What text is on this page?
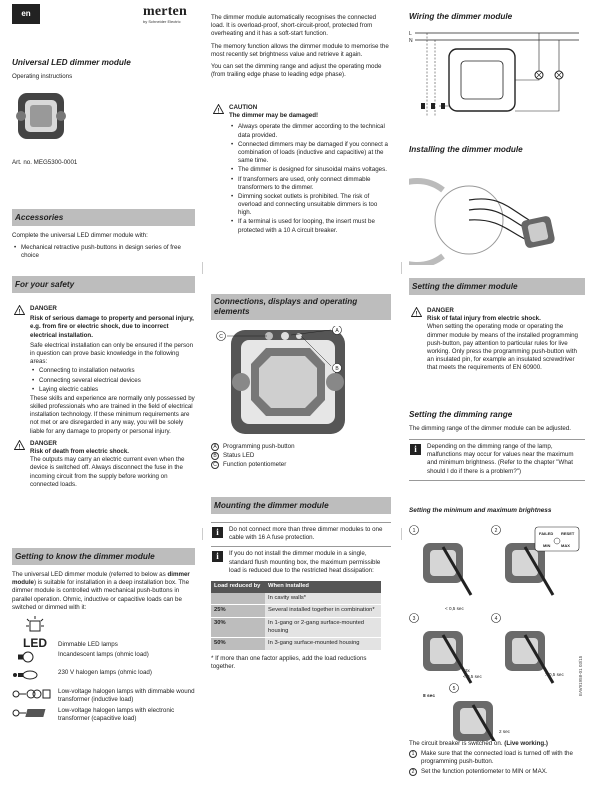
en	merten
by Schneider Electric
Universal LED dimmer module
Operating instructions
Art. no. MEG5300-0001
Accessories

Complete the universal LED dimmer module with:

• Mechanical retractive push-buttons in design series of free choice
For your safety
!
DANGER
Risk of serious damage to property and personal injury, e.g. from fire or electric shock, due to incorrect electrical installation.

Safe electrical installation can only be ensured if the person in question can prove basic knowledge in the following areas:

• Connecting to installation networks
• Connecting several electrical devices
• Laying electric cables

These skills and experience are normally only possessed by skilled professionals who are trained in the field of electrical installation technology. If these minimum requirements are not met or are disregarded in any way, you will be solely liable for any damage to property or personal injury.

!
DANGER
Risk of death from electric shock.

The outputs may carry an electric current even when the device is switched off. Always disconnect the fuse in the incoming circuit from the supply before working on connected loads.

Getting to know the dimmer module

The universal LED dimmer module (referred to below as dimmer module) is suitable for installation in a deep installation box. The dimmer module is controlled with mechanical push-buttons in parallel operation. Ohmic, inductive or capacitive loads can be switched or dimmed with it:

LED	Dimmable LED lamps
Incandescent lamps (ohmic load)
230 V halogen lamps (ohmic load)
Low-voltage halogen lamps with dimmable wound transformer (inductive load)
Low-voltage halogen lamps with electronic transformer (capacitive load)

The dimmer module automatically recognises the connected load. It is overload-proof, short-circuit-proof, protected from overheating and it has a soft-start function.

The memory function allows the dimmer module to memorise the most recently set brightness value and retrieve it again.

You can set the dimming range and adjust the operating mode (from trailing edge phase to leading edge phase).

!
CAUTION
The dimmer may be damaged!
• Always operate the dimmer according to the technical data provided.
• Connected dimmers may be damaged if you connect a combination of loads (inductive and capacitive) at the same time.
• The dimmer is designed for sinusoidal mains voltages.
• If transformers are used, only connect dimmable transformers to the dimmer.
• Dimming socket outlets is prohibited. The risk of overload and connecting unsuitable dimmers is too high.
• If a terminal is used for looping, the insert must be protected with a 10 A circuit breaker.
Connections, displays and operating elements
A
B
C
A	Programming push-button
B	Status LED
C Function potentiometer
Mounting the dimmer module
i	Do not connect more than three dimmer modules to one cable with 16 A fuse protection.

i	If you do not install the dimmer module in a single, standard flush mounting box, the maximum permissible load is reduced due to the restricted heat dissipation:

Load reduced by	When installed
	In cavity walls*
25%	Several installed together in combination*
30%	In 1-gang or 2-gang surface-mounted housing
50%	In 3-gang surface-mounted housing

* If more than one factor applies, add the load reductions together.

Wiring the dimmer module
L
N
Installing the dimmer module
Setting the dimmer module
!
DANGER
Risk of fatal injury from electric shock.

When setting the operating mode or operating the dimmer module by means of the installed programming push-button, pay attention to particular rules for live working. Only press the programming push-button with an insulated pin, for example an insulated screwdriver that meets the requirements of EN 60900.

Setting the dimming range

The dimming range of the dimmer module can be adjusted.

i	Depending on the dimming range of the lamp, malfunctions may occur for values near the maximum and minimum brightness. (Refer to the chapter "What should I do if there is a problem?")

Setting the minimum and maximum brightness
1	2
3	4
5
< 0,5 sec
3x
< 0,5 sec	> 0,5 sec
8 sec
2 sec
FAILED RESET
MIN	MAX

The circuit breaker is switched on. (Live working.)

1	Make sure that the connected load is turned off with the programming push-button.
2	Set the function potentiometer to MIN or MAX.
EAV91958-01 03/15
